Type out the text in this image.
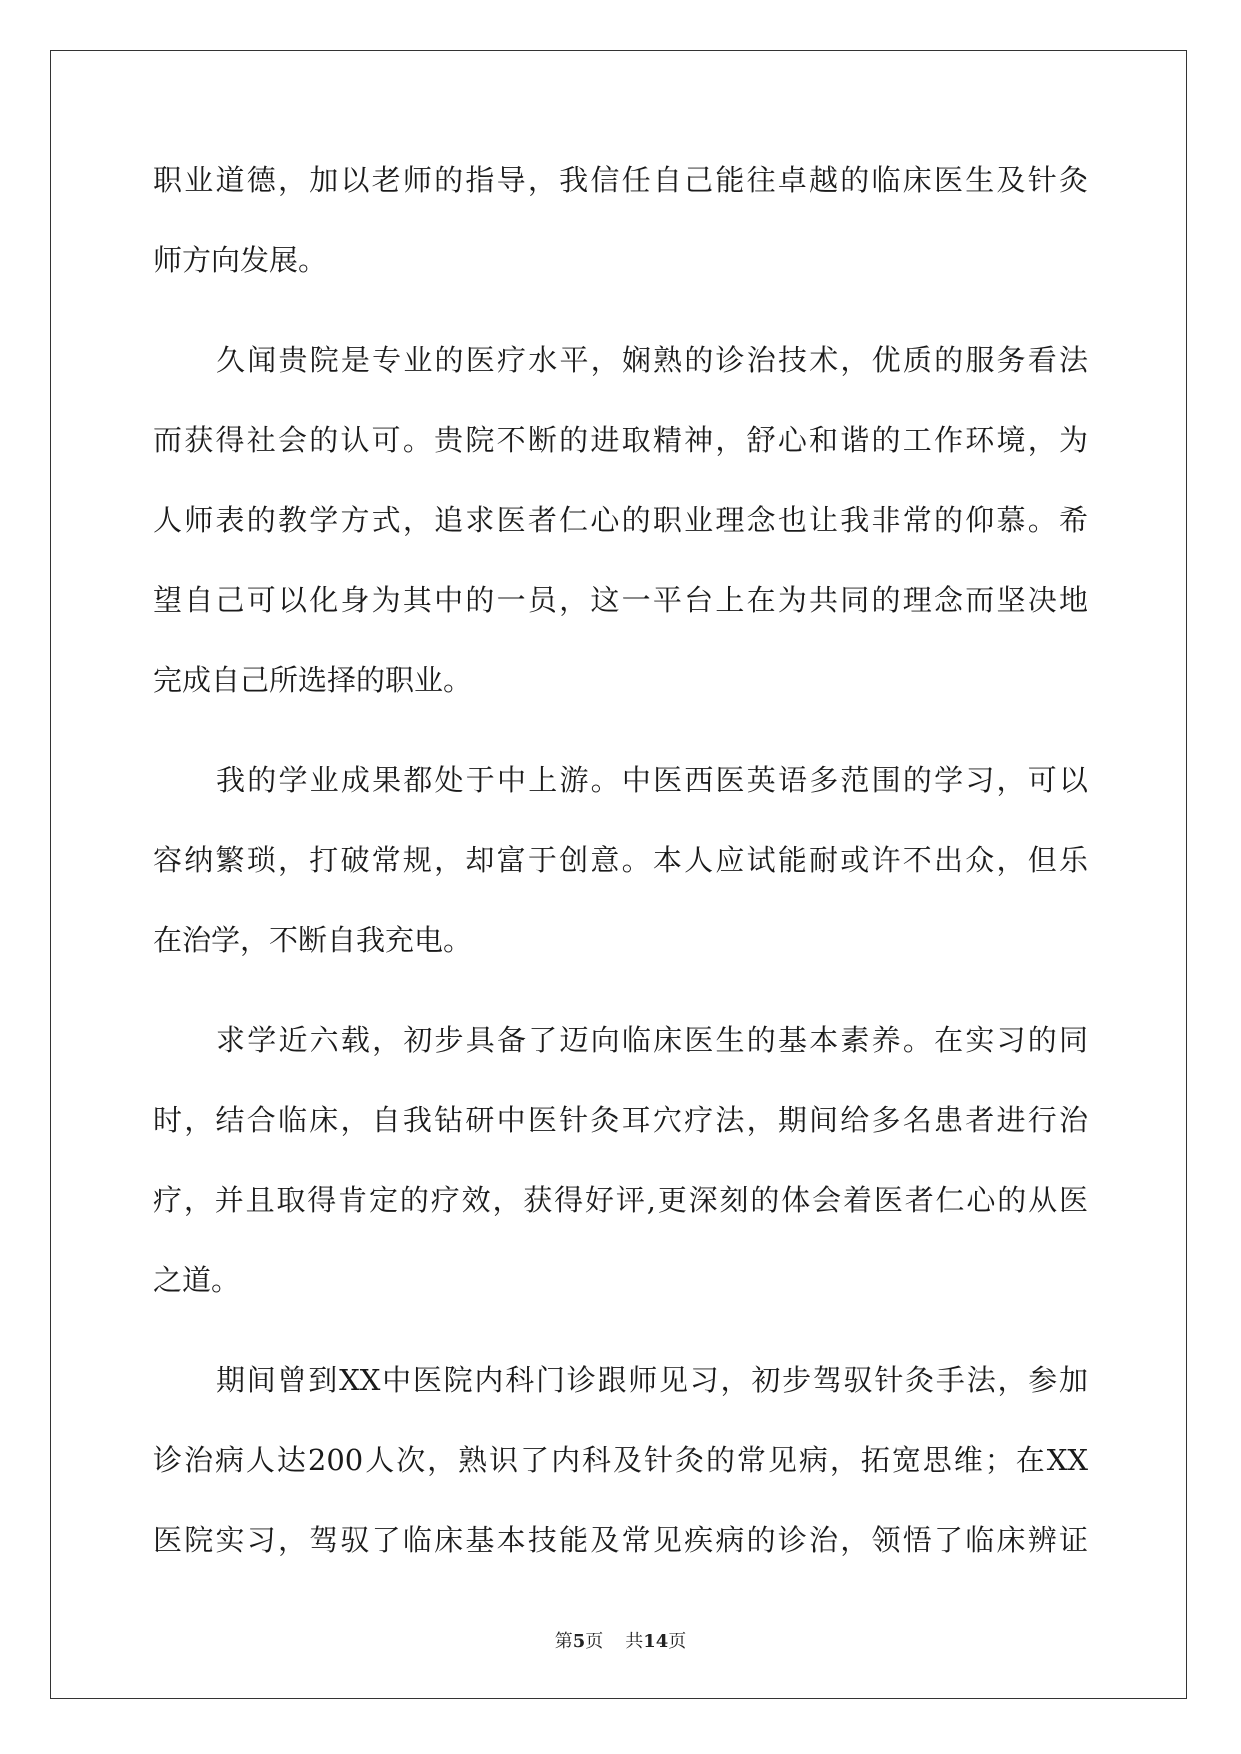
职业道德，加以老师的指导，我信任自己能往卓越的临床医生及针灸
师方向发展。
久闻贵院是专业的医疗水平，娴熟的诊治技术，优质的服务看法
而获得社会的认可。贵院不断的进取精神，舒心和谐的工作环境，为
人师表的教学方式，追求医者仁心的职业理念也让我非常的仰慕。希
望自己可以化身为其中的一员，这一平台上在为共同的理念而坚决地
完成自己所选择的职业。
我的学业成果都处于中上游。中医西医英语多范围的学习，可以
容纳繁琐，打破常规，却富于创意。本人应试能耐或许不出众，但乐
在治学，不断自我充电。
求学近六载，初步具备了迈向临床医生的基本素养。在实习的同
时，结合临床，自我钻研中医针灸耳穴疗法，期间给多名患者进行治
疗，并且取得肯定的疗效，获得好评,更深刻的体会着医者仁心的从医
之道。
期间曾到XX中医院内科门诊跟师见习，初步驾驭针灸手法，参加
诊治病人达200人次，熟识了内科及针灸的常见病，拓宽思维；在XX
医院实习，驾驭了临床基本技能及常见疾病的诊治，领悟了临床辨证
第5页 共14页
